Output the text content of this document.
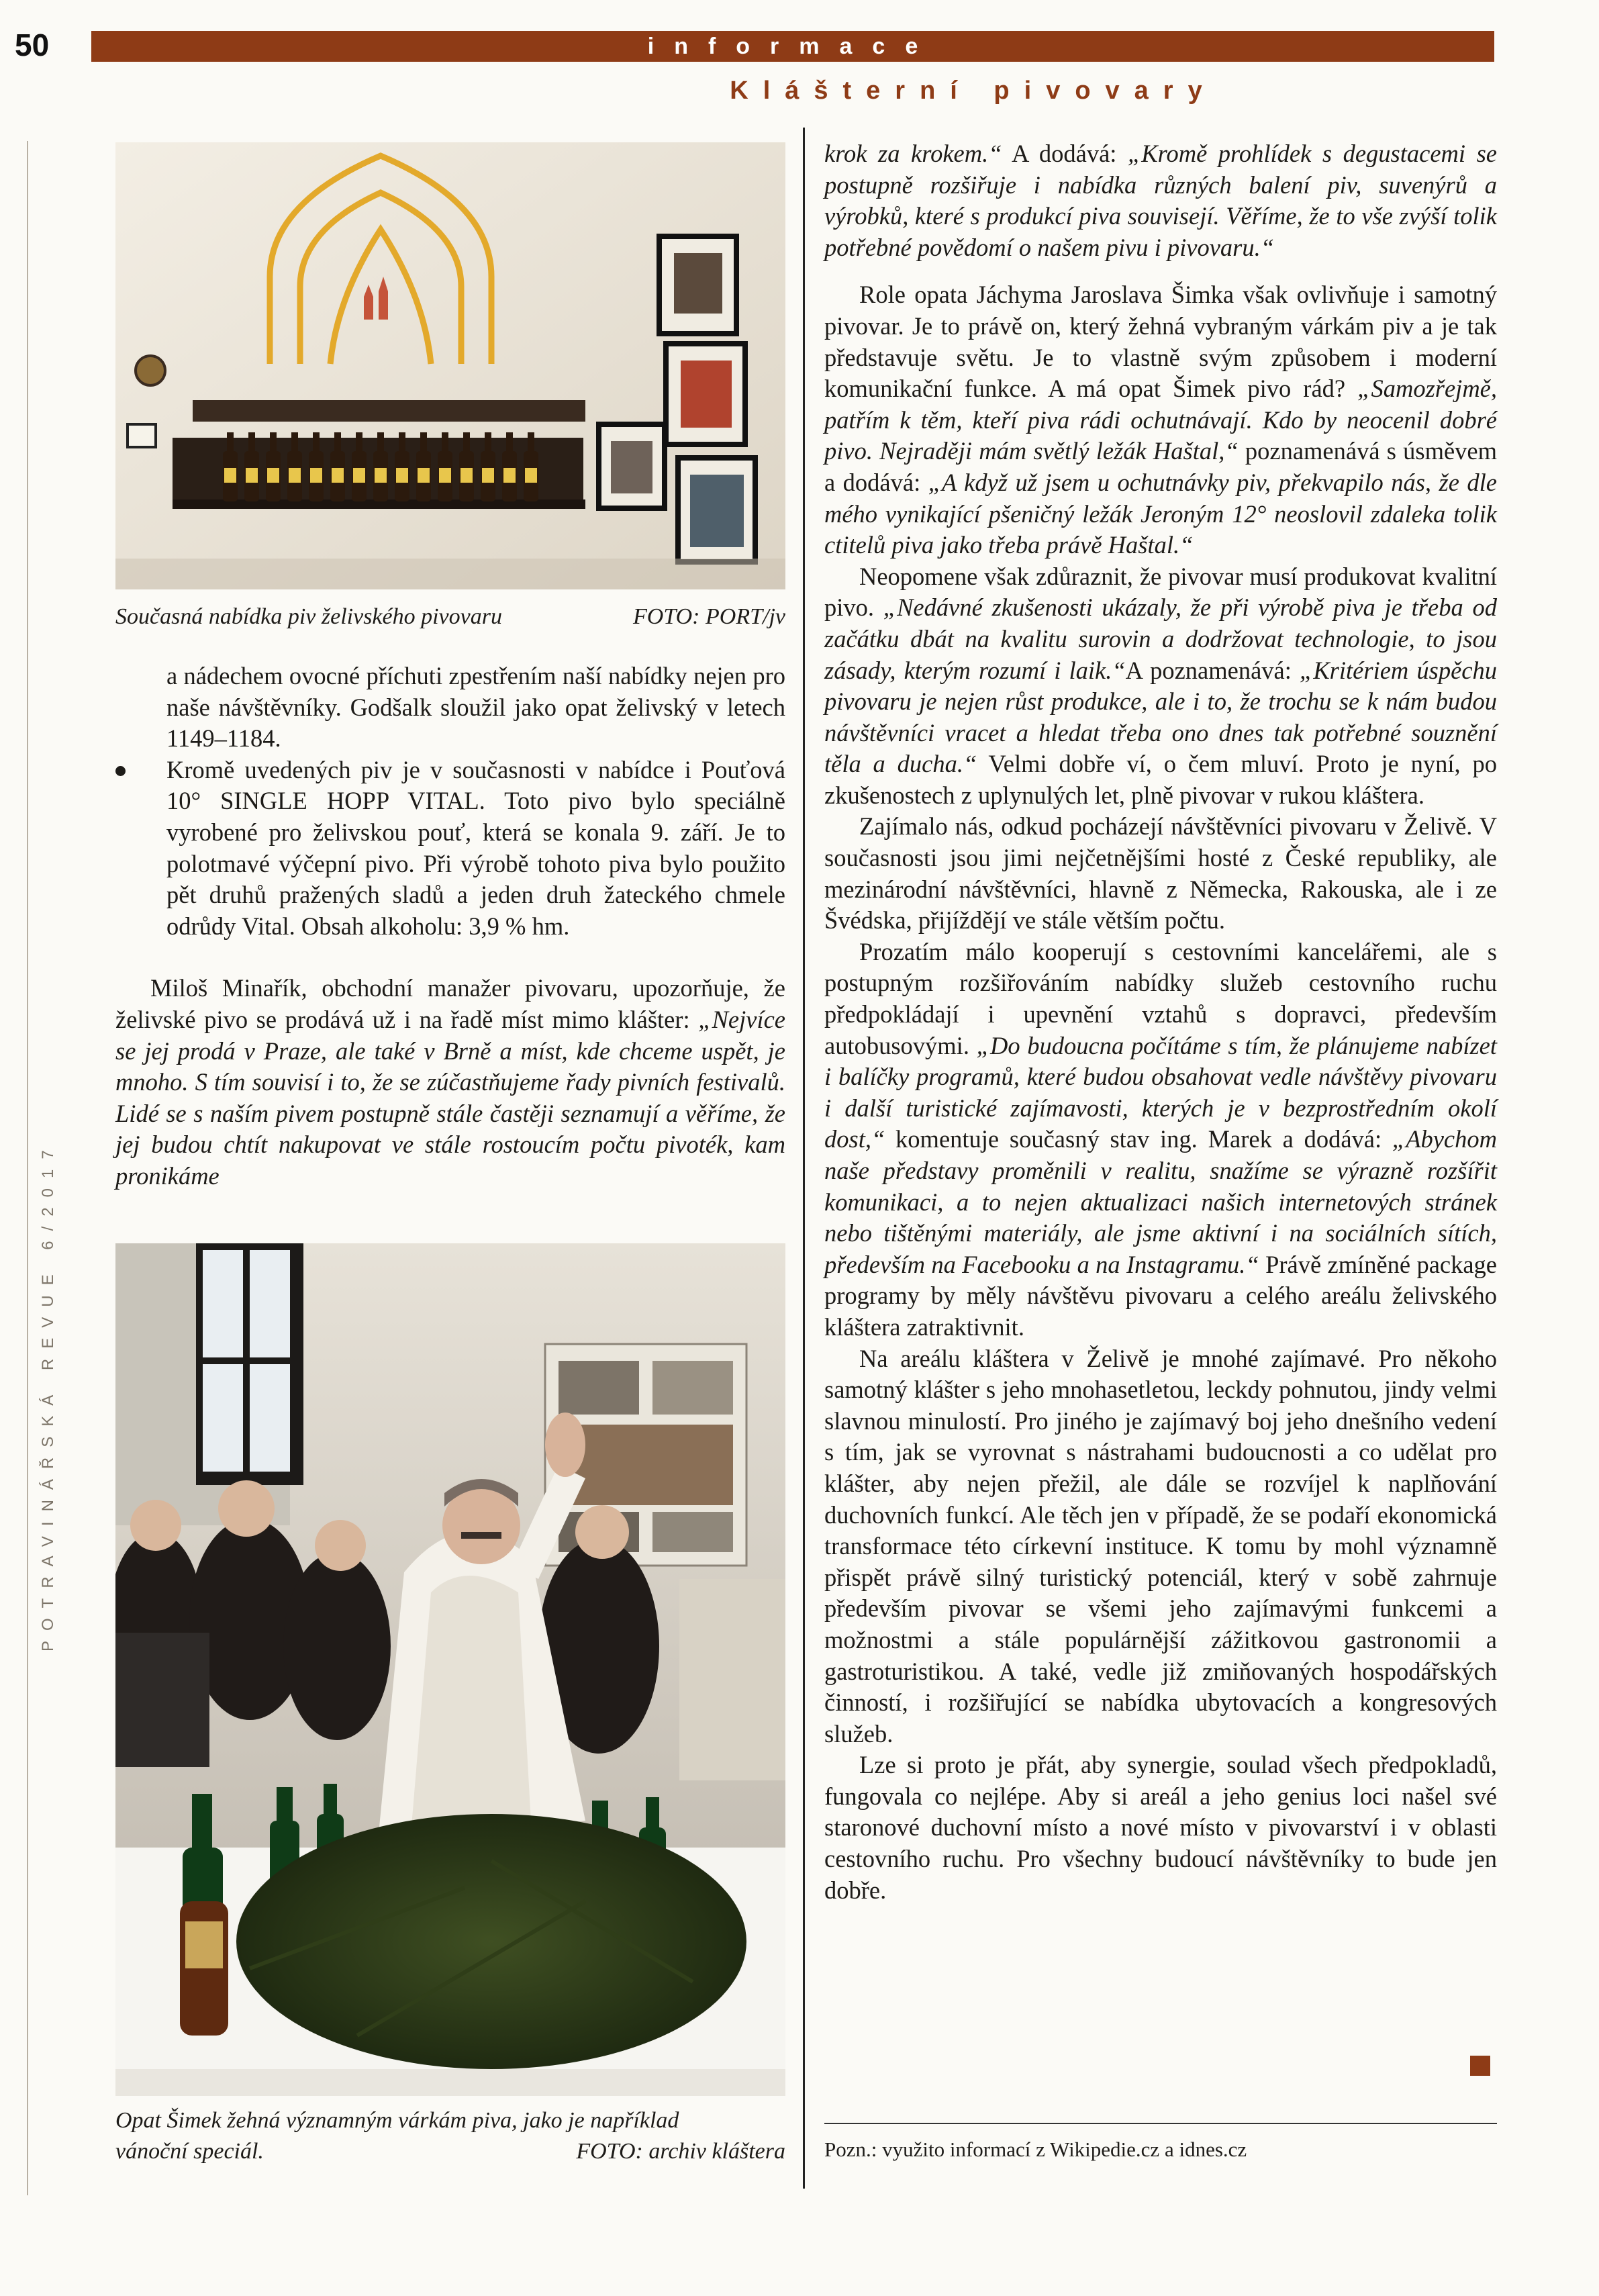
50	informace
Klášterní pivovary
POTRAVINÁŘSKÁ REVUE 6/2017
Současná nabídka piv želivského pivovaru	FOTO: PORT/jv

a nádechem ovocné příchuti zpestřením naší nabídky nejen pro naše návštěvníky. Godšalk sloužil jako opat želivský v letech 1149–1184.

Kromě uvedených piv je v současnosti v nabídce i Pouťová 10° SINGLE HOPP VITAL. Toto pivo bylo speciálně vyrobené pro želivskou pouť, která se konala 9. září. Je to polotmavé výčepní pivo. Při výrobě tohoto piva bylo použito pět druhů pražených sladů a jeden druh žateckého chmele odrůdy Vital. Obsah alkoholu: 3,9 % hm.

Miloš Minařík, obchodní manažer pivovaru, upozorňuje, že želivské pivo se prodává už i na řadě míst mimo klášter: „Nejvíce se jej prodá v Praze, ale také v Brně a míst, kde chceme uspět, je mnoho. S tím souvisí i to, že se zúčastňujeme řady pivních festivalů. Lidé se s naším pivem postupně stále častěji seznamují a věříme, že jej budou chtít nakupovat ve stále rostoucím počtu pivoték, kam pronikáme

Opat Šimek žehná významným várkám piva, jako je například
vánoční speciál.	FOTO: archiv kláštera

krok za krokem.“ A dodává: „Kromě prohlídek s degustacemi se postupně rozšiřuje i nabídka různých balení piv, suvenýrů a výrobků, které s produkcí piva souvisejí. Věříme, že to vše zvýší tolik potřebné povědomí o našem pivu i pivovaru.“

Role opata Jáchyma Jaroslava Šimka však ovlivňuje i samotný pivovar. Je to právě on, který žehná vybraným várkám piv a je tak představuje světu. Je to vlastně svým způsobem i moderní komunikační funkce. A má opat Šimek pivo rád? „Samozřejmě, patřím k těm, kteří piva rádi ochutnávají. Kdo by neocenil dobré pivo. Nejraději mám světlý ležák Haštal,“ poznamenává s úsměvem a dodává: „A když už jsem u ochutnávky piv, překvapilo nás, že dle mého vynikající pšeničný ležák Jeroným 12° neoslovil zdaleka tolik ctitelů piva jako třeba právě Haštal.“

Neopomene však zdůraznit, že pivovar musí produkovat kvalitní pivo. „Nedávné zkušenosti ukázaly, že při výrobě piva je třeba od začátku dbát na kvalitu surovin a dodržovat technologie, to jsou zásady, kterým rozumí i laik.“A poznamenává: „Kritériem úspěchu pivovaru je nejen růst produkce, ale i to, že trochu se k nám budou návštěvníci vracet a hledat třeba ono dnes tak potřebné souznění těla a ducha.“ Velmi dobře ví, o čem mluví. Proto je nyní, po zkušenostech z uplynulých let, plně pivovar v rukou kláštera.

Zajímalo nás, odkud pocházejí návštěvníci pivovaru v Želivě. V současnosti jsou jimi nejčetnějšími hosté z České republiky, ale mezinárodní návštěvníci, hlavně z Německa, Rakouska, ale i ze Švédska, přijíždějí ve stále větším počtu.

Prozatím málo kooperují s cestovními kancelářemi, ale s postupným rozšiřováním nabídky služeb cestovního ruchu předpokládají i upevnění vztahů s dopravci, především autobusovými. „Do budoucna počítáme s tím, že plánujeme nabízet i balíčky programů, které budou obsahovat vedle návštěvy pivovaru i další turistické zajímavosti, kterých je v bezprostředním okolí dost,“ komentuje současný stav ing. Marek a dodává: „Abychom naše představy proměnili v realitu, snažíme se výrazně rozšířit komunikaci, a to nejen aktualizaci našich internetových stránek nebo tištěnými materiály, ale jsme aktivní i na sociálních sítích, především na Facebooku a na Instagramu.“ Právě zmíněné package programy by měly návštěvu pivovaru a celého areálu želivského kláštera zatraktivnit.

Na areálu kláštera v Želivě je mnohé zajímavé. Pro někoho samotný klášter s jeho mnohasetletou, leckdy pohnutou, jindy velmi slavnou minulostí. Pro jiného je zajímavý boj jeho dnešního vedení s tím, jak se vyrovnat s nástrahami budoucnosti a co udělat pro klášter, aby nejen přežil, ale dále se rozvíjel k naplňování duchovních funkcí. Ale těch jen v případě, že se podaří ekonomická transformace této církevní instituce. K tomu by mohl významně přispět právě silný turistický potenciál, který v sobě zahrnuje především pivovar se všemi jeho zajímavými funkcemi a možnostmi a stále populárnější zážitkovou gastronomii a gastroturistikou. A také, vedle již zmiňovaných hospodářských činností, i rozšiřující se nabídka ubytovacích a kongresových služeb.

Lze si proto je přát, aby synergie, soulad všech předpokladů, fungovala co nejlépe. Aby si areál a jeho genius loci našel své staronové duchovní místo a nové místo v pivovarství i v oblasti cestovního ruchu. Pro všechny budoucí návštěvníky to bude jen dobře.

Pozn.: využito informací z Wikipedie.cz a idnes.cz
